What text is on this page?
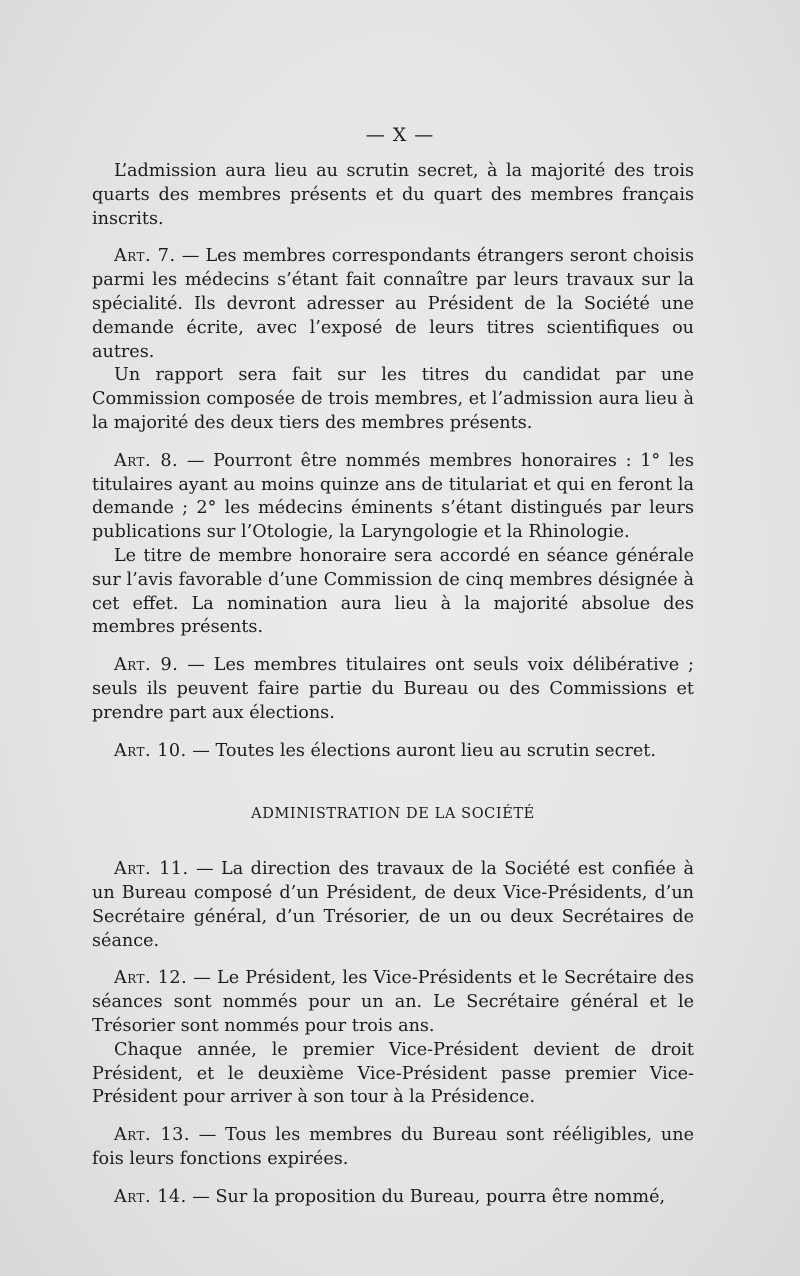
— X —

L’admission aura lieu au scrutin secret, à la majorité des trois quarts des membres présents et du quart des membres français inscrits.

Art. 7. — Les membres correspondants étrangers seront choisis parmi les médecins s’étant fait connaître par leurs travaux sur la spécialité. Ils devront adresser au Président de la Société une demande écrite, avec l’exposé de leurs titres scientifiques ou autres.

Un rapport sera fait sur les titres du candidat par une Commission composée de trois membres, et l’admission aura lieu à la majorité des deux tiers des membres présents.

Art. 8. — Pourront être nommés membres honoraires : 1° les titulaires ayant au moins quinze ans de titulariat et qui en feront la demande ; 2° les médecins éminents s’étant distingués par leurs publications sur l’Otologie, la Laryngologie et la Rhinologie.

Le titre de membre honoraire sera accordé en séance générale sur l’avis favorable d’une Commission de cinq membres désignée à cet effet. La nomination aura lieu à la majorité absolue des membres présents.

Art. 9. — Les membres titulaires ont seuls voix délibérative ; seuls ils peuvent faire partie du Bureau ou des Commissions et prendre part aux élections.

Art. 10. — Toutes les élections auront lieu au scrutin secret.

ADMINISTRATION DE LA SOCIÉTÉ

Art. 11. — La direction des travaux de la Société est confiée à un Bureau composé d’un Président, de deux Vice-Présidents, d’un Secrétaire général, d’un Trésorier, de un ou deux Secrétaires de séance.

Art. 12. — Le Président, les Vice-Présidents et le Secrétaire des séances sont nommés pour un an. Le Secrétaire général et le Trésorier sont nommés pour trois ans.

Chaque année, le premier Vice-Président devient de droit Président, et le deuxième Vice-Président passe premier Vice-Président pour arriver à son tour à la Présidence.

Art. 13. — Tous les membres du Bureau sont rééligibles, une fois leurs fonctions expirées.

Art. 14. — Sur la proposition du Bureau, pourra être nommé,
